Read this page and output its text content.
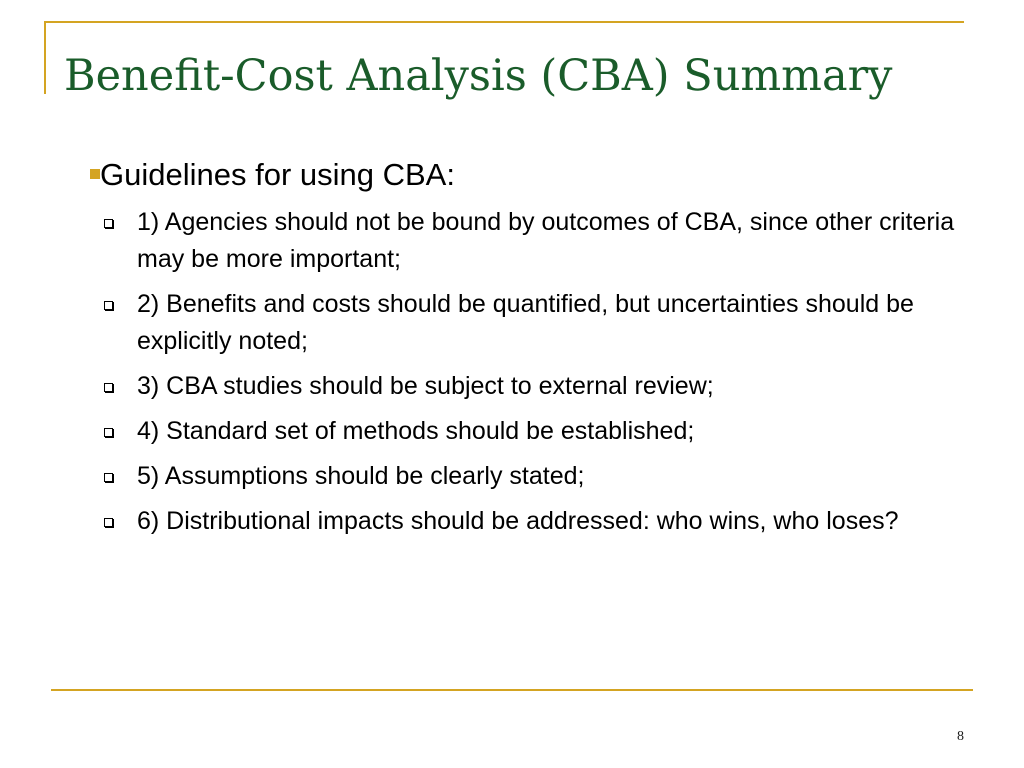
Benefit-Cost Analysis (CBA) Summary
Guidelines for using CBA:
1) Agencies should not be bound by outcomes of CBA, since other criteria may be more important;
2) Benefits and costs should be quantified, but uncertainties should be explicitly noted;
3) CBA studies should be subject to external review;
4) Standard set of methods should be established;
5) Assumptions should be clearly stated;
6) Distributional impacts should be addressed: who wins, who loses?
8
